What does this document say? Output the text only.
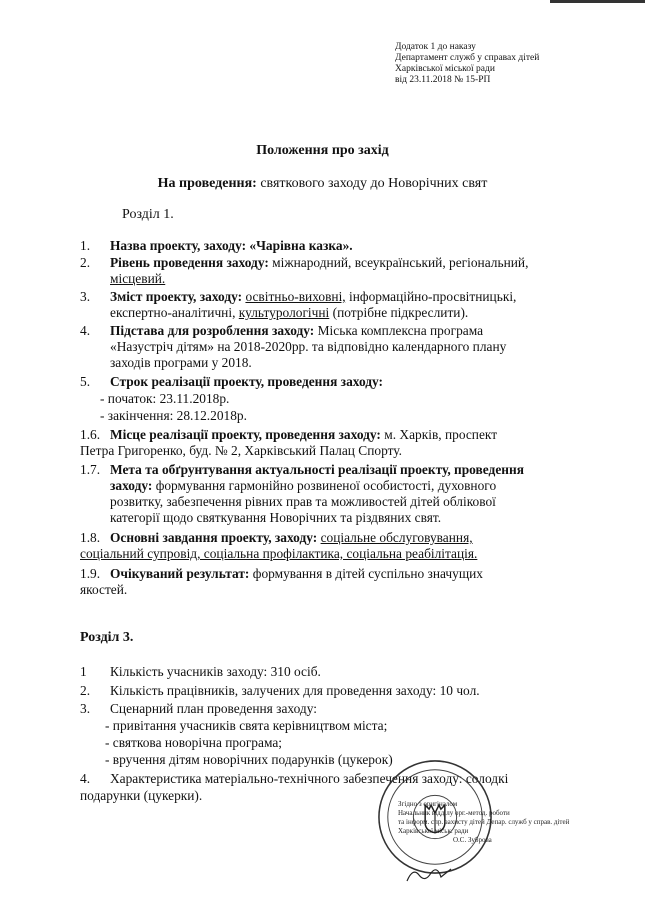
Додаток 1 до наказу
Департамент служб у справах дітей
Харківської міської ради
від 23.11.2018 № 15-РП
Положення про захід
На проведення: святкового заходу до Новорічних свят
Розділ 1.
1. Назва проекту, заходу: «Чарівна казка».
2. Рівень проведення заходу: міжнародний, всеукраїнський, регіональний,
місцевий.
3. Зміст проекту, заходу: освітньо-виховні, інформаційно-просвітницькі,
експертно-аналітичні, культурологічні (потрібне підкреслити).
4. Підстава для розроблення заходу: Міська комплексна програма
«Назустріч дітям» на 2018-2020рр. та відповідно календарного плану
заходів програми у 2018.
5. Строк реалізації проекту, проведення заходу:
- початок: 23.11.2018р.
- закінчення: 28.12.2018р.
1.6. Місце реалізації проекту, проведення заходу: м. Харків, проспект
Петра Григоренко, буд. № 2, Харківський Палац Спорту.
1.7. Мета та обґрунтування актуальності реалізації проекту, проведення
заходу: формування гармонійно розвиненої особистості, духовного
розвитку, забезпечення рівних прав та можливостей дітей облікової
категорії щодо святкування Новорічних та різдвяних свят.
1.8. Основні завдання проекту, заходу: соціальне обслуговування,
соціальний супровід, соціальна профілактика, соціальна реабілітація.
1.9. Очікуваний результат: формування в дітей суспільно значущих
якостей.
Розділ 3.
1 Кількість учасників заходу: 310 осіб.
2. Кількість працівників, залучених для проведення заходу: 10 чол.
3. Сценарний план проведення заходу:
- привітання учасників свята керівництвом міста;
- святкова новорічна програма;
- вручення дітям новорічних подарунків (цукерок)
4. Характеристика матеріально-технічного забезпечення заходу: солодкі
подарунки (цукерки).
Згідно з оригіналом
Начальник відділу орг.-метод. роботи
та інформ. спр. захисту дітей Депар. служб у справ. дітей
Харківської міськ. ради
О.С. Зуброва
